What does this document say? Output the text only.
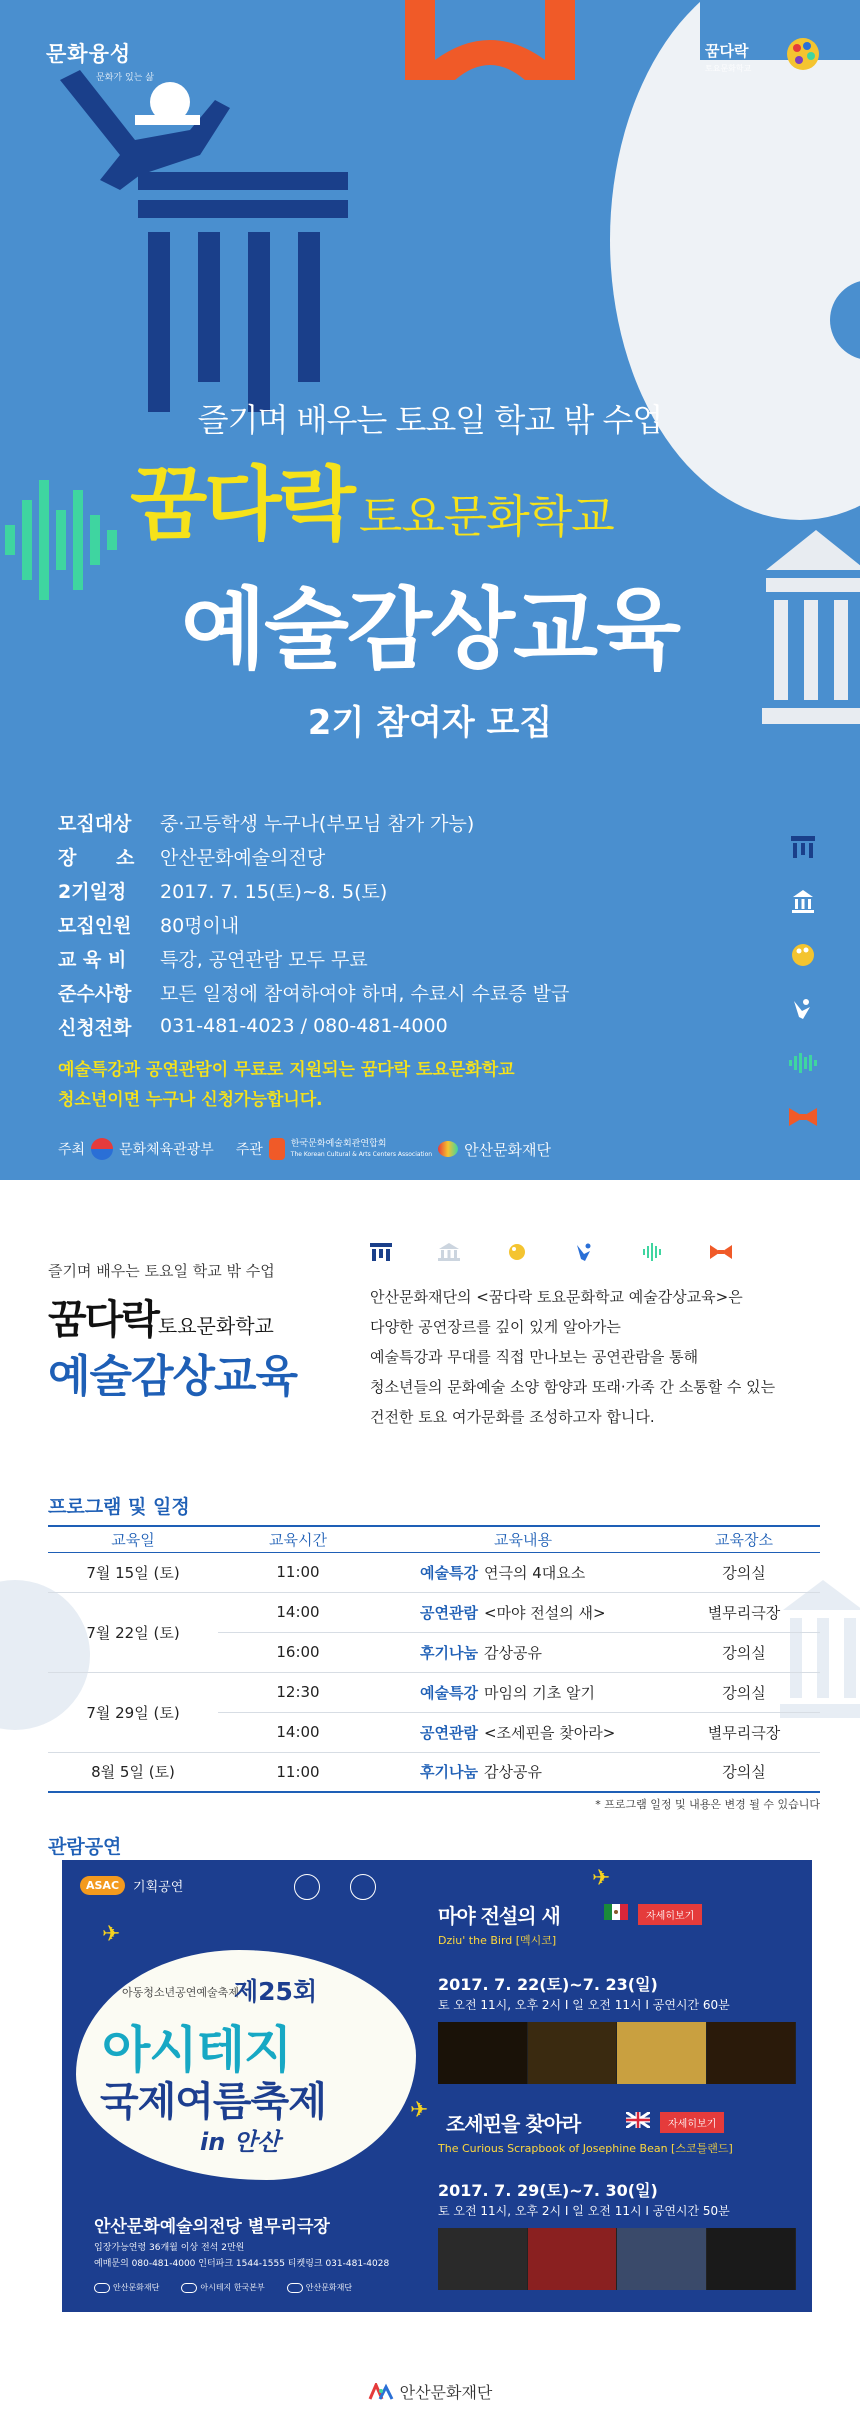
문화융성
문화가 있는 삶
꿈다락
토요문화학교
즐기며 배우는 토요일 학교 밖 수업
꿈다락 토요문화학교
예술감상교육
2기 참여자 모집
모집대상	중·고등학생 누구나(부모님 참가 가능)
장      소	안산문화예술의전당
2기일정	2017. 7. 15(토)~8. 5(토)
모집인원	80명이내
교 육 비	특강, 공연관람 모두 무료
준수사항	모든 일정에 참여하여야 하며, 수료시 수료증 발급
신청전화	031-481-4023 / 080-481-4000
예술특강과 공연관람이 무료로 지원되는 꿈다락 토요문화학교
청소년이면 누구나 신청가능합니다.
주최 문화체육관광부 주관	한국문화예술회관연합회
The Korean Cultural & Arts Centers Association 안산문화재단
즐기며 배우는 토요일 학교 밖 수업
꿈다락토요문화학교
예술감상교육
안산문화재단의 <꿈다락 토요문화학교 예술감상교육>은
다양한 공연장르를 깊이 있게 알아가는
예술특강과 무대를 직접 만나보는 공연관람을 통해
청소년들의 문화예술 소양 함양과 또래·가족 간 소통할 수 있는
건전한 토요 여가문화를 조성하고자 합니다.
프로그램 및 일정
교육일	교육시간	교육내용	교육장소
7월 15일 (토)	11:00	예술특강 연극의 4대요소	강의실
7월 22일 (토)	14:00	공연관람 <마야 전설의 새>	별무리극장
	16:00	후기나눔 감상공유	강의실
7월 29일 (토)	12:30	예술특강 마임의 기초 알기	강의실
	14:00	공연관람 <조세핀을 찾아라>	별무리극장
8월 5일 (토)	11:00	후기나눔 감상공유	강의실
* 프로그램 일정 및 내용은 변경 될 수 있습니다
관람공연
ASAC	기획공연
✈
아동청소년공연예술축제
제25회
아시테지
국제여름축제
in 안산
안산문화예술의전당 별무리극장
입장가능연령 36개월 이상 전석 2만원
예매문의 080-481-4000 인터파크 1544-1555 티켓링크 031-481-4028
안산문화재단	아시테지 한국본부	안산문화재단
✈
마야 전설의 새	자세히보기
Dziu' the Bird [멕시코]
2017. 7. 22(토)~7. 23(일)
토 오전 11시, 오후 2시 I 일 오전 11시 I 공연시간 60분
✈
조세핀을 찾아라	자세히보기
The Curious Scrapbook of Josephine Bean [스코틀랜드]
2017. 7. 29(토)~7. 30(일)
토 오전 11시, 오후 2시 I 일 오전 11시 I 공연시간 50분
안산문화재단
